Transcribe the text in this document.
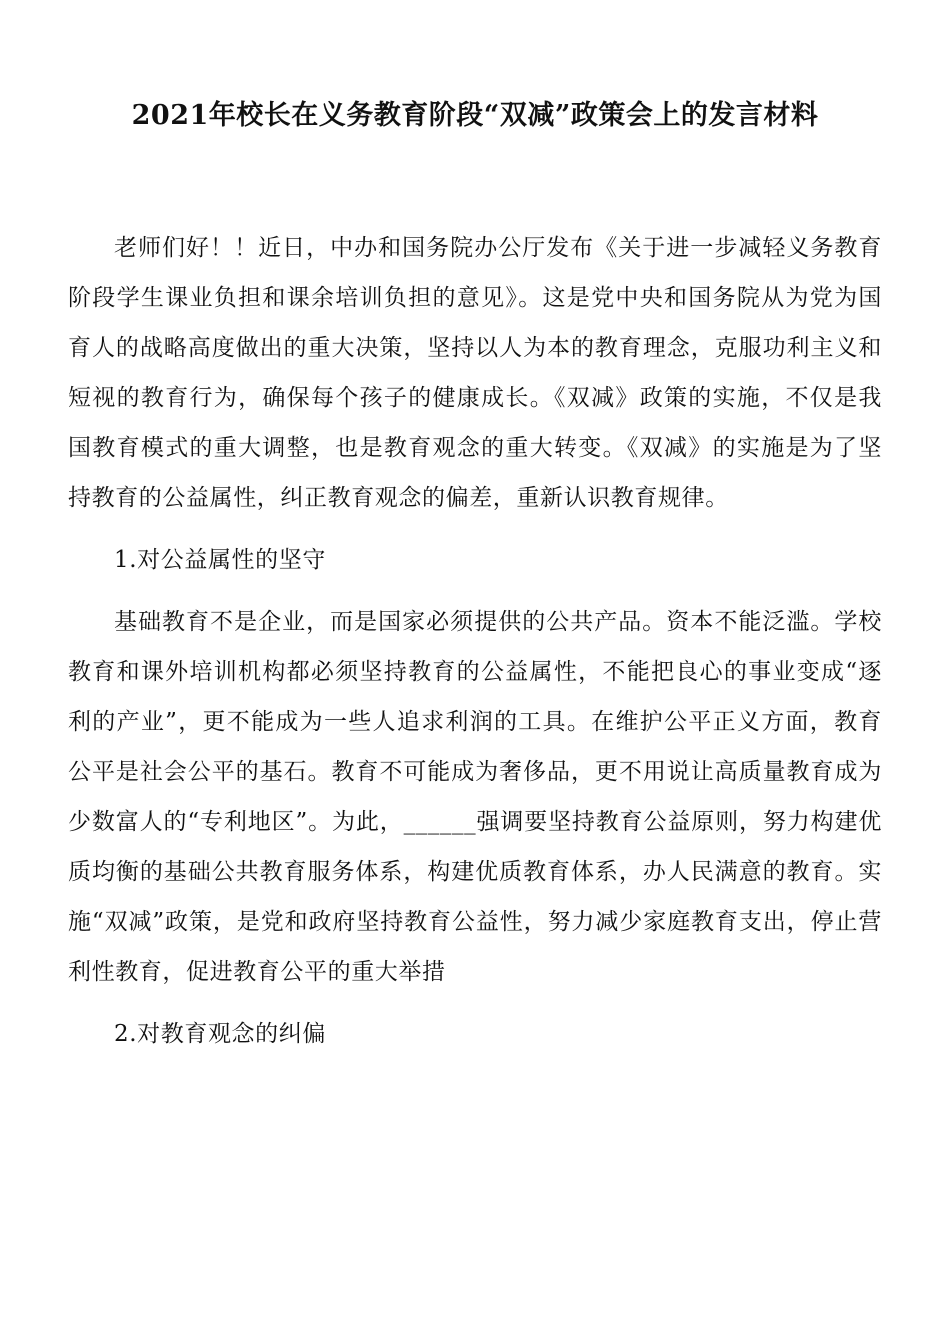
2021年校长在义务教育阶段“双减”政策会上的发言材料

老师们好！！近日，中办和国务院办公厅发布《关于进一步减轻义务教育阶段学生课业负担和课余培训负担的意见》。这是党中央和国务院从为党为国育人的战略高度做出的重大决策，坚持以人为本的教育理念，克服功利主义和短视的教育行为，确保每个孩子的健康成长。《双减》政策的实施，不仅是我国教育模式的重大调整，也是教育观念的重大转变。《双减》的实施是为了坚持教育的公益属性，纠正教育观念的偏差，重新认识教育规律。

1.对公益属性的坚守

基础教育不是企业，而是国家必须提供的公共产品。资本不能泛滥。学校教育和课外培训机构都必须坚持教育的公益属性，不能把良心的事业变成“逐利的产业”，更不能成为一些人追求利润的工具。在维护公平正义方面，教育公平是社会公平的基石。教育不可能成为奢侈品，更不用说让高质量教育成为少数富人的“专利地区”。为此，______强调要坚持教育公益原则，努力构建优质均衡的基础公共教育服务体系，构建优质教育体系，办人民满意的教育。实施“双减”政策，是党和政府坚持教育公益性，努力减少家庭教育支出，停止营利性教育，促进教育公平的重大举措

2.对教育观念的纠偏
